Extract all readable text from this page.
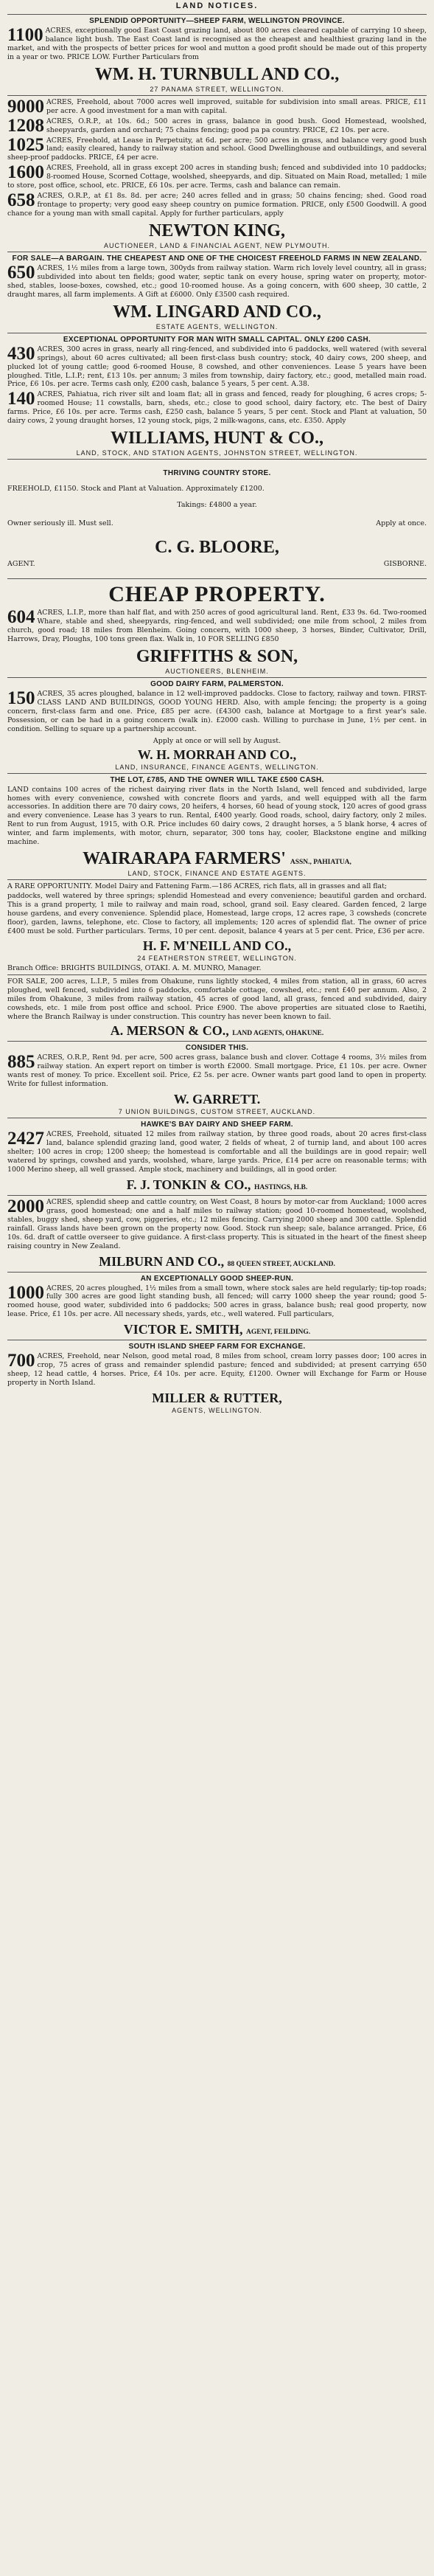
LAND NOTICES.
SPLENDID OPPORTUNITY—SHEEP FARM, WELLINGTON PROVINCE.
1100 ACRES, exceptionally good East Coast grazing land, about 800 acres cleared capable of carrying 10 sheep, balance light bush. The East Coast land is recognised as the cheapest and healthiest grazing land in the market, and with the prospects of better prices for wool and mutton a good profit should be made out of this property in a year or two. PRICE LOW. Further Particulars from
WM. H. TURNBULL AND CO.,
27 PANAMA STREET, WELLINGTON.
9000 ACRES, Freehold, about 7000 acres well improved, suitable for subdivision into small areas. PRICE, £11 per acre. A good investment for a man with capital.
1208 ACRES, O.R.P., at 10s. 6d.; 500 acres in grass, balance in good bush. Good Homestead, woolshed, sheepyards, garden and orchard; 75 chains fencing; good pa pa country. PRICE, £2 10s. per acre.
1025 ACRES, Freehold, at Lease in Perpetuity, at 6d. per acre; 500 acres in grass, and balance very good bush land; easily cleared, handy to railway station and school. Good Dwellinghouse and outbuildings, and several sheep-proof paddocks. PRICE, £4 per acre.
1600 ACRES, Freehold, all in grass except 200 acres in standing bush; fenced and subdivided into 10 paddocks; 8-roomed House, Scorned Cottage, woolshed, sheepyards, and dip. Situated on Main Road, metalled; 1 mile to store, post office, school, etc. PRICE, £6 10s. per acre. Terms, cash and balance can remain.
658 ACRES, O.R.P., at £1 8s. 8d. per acre; 240 acres felled and in grass; 50 chains fencing; shed. Good road frontage to property; very good easy sheep country on pumice formation. PRICE, only £500 Goodwill. A good chance for a young man with small capital. Apply for further particulars, apply
NEWTON KING,
AUCTIONEER, LAND & FINANCIAL AGENT, NEW PLYMOUTH.
FOR SALE—A BARGAIN. THE CHEAPEST AND ONE OF THE CHOICEST FREEHOLD FARMS IN NEW ZEALAND.
650 ACRES, 1½ miles from a large town, 300yds from railway station. Warm rich lovely level country, all in grass; subdivided into about ten fields; good water, septic tank on every house, spring water on property, motor-shed, stables, loose-boxes, cowshed, etc.; good 10-roomed house. As a going concern, with 600 sheep, 30 cattle, 2 draught mares, all farm implements. A Gift at £6000. Only £3500 cash required.
WM. LINGARD AND CO.,
ESTATE AGENTS, WELLINGTON.
EXCEPTIONAL OPPORTUNITY FOR MAN WITH SMALL CAPITAL. ONLY £200 CASH.
430 ACRES, 300 acres in grass, nearly all ring-fenced, and subdivided into 6 paddocks, well watered (with several springs), about 60 acres cultivated; all been first-class bush country; stock, 40 dairy cows, 200 sheep, and plucked lot of young cattle; good 6-roomed House, 8 cowshed, and other conveniences. Lease 5 years have been ploughed. Title, L.I.P.; rent, £13 10s. per annum; 3 miles from township, dairy factory, etc.; good, metalled main road. Price, £6 10s. per acre. Terms cash only, £200 cash, balance 5 years, 5 per cent. A.38.
140 ACRES, Pahiatua, rich river silt and loam flat; all in grass and fenced, ready for ploughing, 6 acres crops; 5-roomed House; 11 cowstalls, barn, sheds, etc.; close to good school, dairy factory, etc. The best of Dairy farms. Price, £6 10s. per acre. Terms cash, £250 cash, balance 5 years, 5 per cent. Stock and Plant at valuation, 50 dairy cows, 2 young draught horses, 12 young stock, pigs, 2 milk-wagons, cans, etc. £350. Apply
WILLIAMS, HUNT & CO.,
LAND, STOCK, AND STATION AGENTS, JOHNSTON STREET, WELLINGTON.
THRIVING COUNTRY STORE.
FREEHOLD, £1150. Stock and Plant at Valuation. Approximately £1200.
Takings: £4800 a year.
Owner seriously ill. Must sell.	Apply at once.
C. G. BLOORE,
AGENT.	GISBORNE.
CHEAP PROPERTY.
604 ACRES, L.I.P., more than half flat, and with 250 acres of good agricultural land. Rent, £33 9s. 6d. Two-roomed Whare, stable and shed, sheepyards, ring-fenced, and well subdivided; one mile from school, 2 miles from church, good road; 18 miles from Blenheim. Going concern, with 1000 sheep, 3 horses, Binder, Cultivator, Drill, Harrows, Dray, Ploughs, 100 tons green flax. Walk in, 10 FOR SELLING £850
GRIFFITHS & SON,
AUCTIONEERS, BLENHEIM.
GOOD DAIRY FARM, PALMERSTON.
150 ACRES, 35 acres ploughed, balance in 12 well-improved paddocks. Close to factory, railway and town. FIRST-CLASS LAND AND BUILDINGS, GOOD YOUNG HERD. Also, with ample fencing; the property is a going concern, first-class farm and one. Price, £85 per acre. (£4300 cash, balance at Mortgage to a first year's sale. Possession, or can be had in a going concern (walk in). £2000 cash. Willing to purchase in June, 1½ per cent. in condition. Selling to square up a partnership account.
Apply at once or will sell by August.
W. H. MORRAH AND CO.,
LAND, INSURANCE, FINANCE AGENTS, WELLINGTON.
THE LOT, £785, AND THE OWNER WILL TAKE £500 CASH.
LAND contains 100 acres of the richest dairying river flats in the North Island, well fenced and subdivided, large homes with every convenience, cowshed with concrete floors and yards, and well equipped with all the farm accessories. In addition there are 70 dairy cows, 20 heifers, 4 horses, 60 head of young stock, 120 acres of good grass and every convenience. Lease has 3 years to run. Rental, £400 yearly. Good roads, school, dairy factory, only 2 miles. Rent to run from August, 1915, with O.R. Price includes 60 dairy cows, 2 draught horses, a 5 blank horse, 4 acres of winter, and farm implements, with motor, churn, separator, 300 tons hay, cooler, Blackstone engine and milking machine.
WAIRARAPA FARMERS' ASSN., PAHIATUA,
LAND, STOCK, FINANCE AND ESTATE AGENTS.
A RARE OPPORTUNITY. Model Dairy and Fattening Farm.—186 ACRES, rich flats, all in grasses and all flat;
paddocks, well watered by three springs; splendid Homestead and every convenience; beautiful garden and orchard. This is a grand property, 1 mile to railway and main road, school, grand soil. Easy cleared. Garden fenced, 2 large house gardens, and every convenience. Splendid place, Homestead, large crops, 12 acres rape, 3 cowsheds (concrete floor), garden, lawns, telephone, etc. Close to factory, all implements; 120 acres of splendid flat. The owner of price £400 must be sold. Further particulars. Terms, 10 per cent. deposit, balance 4 years at 5 per cent. Price, £36 per acre.
H. F. M'NEILL AND CO.,
24 FEATHERSTON STREET, WELLINGTON.
Branch Office: BRIGHTS BUILDINGS, OTAKI. A. M. MUNRO, Manager.
FOR SALE, 200 acres, L.I.P., 5 miles from Ohakune, runs lightly stocked, 4 miles from station, all in grass, 60 acres ploughed, well fenced, subdivided into 6 paddocks, comfortable cottage, cowshed, etc.; rent £40 per annum. Also, 2 miles from Ohakune, 3 miles from railway station, 45 acres of good land, all grass, fenced and subdivided, dairy cowsheds, etc. 1 mile from post office and school. Price £900. The above properties are situated close to Raetihi, where the Branch Railway is under construction. This country has never been known to fail.
A. MERSON & CO., LAND AGENTS, OHAKUNE.
CONSIDER THIS.
885 ACRES, O.R.P., Rent 9d. per acre, 500 acres grass, balance bush and clover. Cottage 4 rooms, 3½ miles from railway station. An expert report on timber is worth £2000. Small mortgage. Price, £1 10s. per acre. Owner wants rest of money. To price. Excellent soil. Price, £2 5s. per acre. Owner wants part good land to open in property. Write for fullest information.
W. GARRETT.
7 UNION BUILDINGS, CUSTOM STREET, AUCKLAND.
HAWKE'S BAY DAIRY AND SHEEP FARM.
2427 ACRES, Freehold, situated 12 miles from railway station, by three good roads, about 20 acres first-class land, balance splendid grazing land, good water, 2 fields of wheat, 2 of turnip land, and about 100 acres shelter; 100 acres in crop; 1200 sheep; the homestead is comfortable and all the buildings are in good repair; well watered by springs, cowshed and yards, woolshed, whare, large yards. Price, £14 per acre on reasonable terms; with 1000 Merino sheep, all well grassed. Ample stock, machinery and buildings, all in good order.
F. J. TONKIN & CO., HASTINGS, H.B.
2000 ACRES, splendid sheep and cattle country, on West Coast, 8 hours by motor-car from Auckland; 1000 acres grass, good homestead; one and a half miles to railway station; good 10-roomed homestead, woolshed, stables, buggy shed, sheep yard, cow, piggeries, etc.; 12 miles fencing. Carrying 2000 sheep and 300 cattle. Splendid rainfall. Grass lands have been grown on the property now. Good. Stock run sheep; sale, balance arranged. Price, £6 10s. 6d. draft of cattle overseer to give guidance. A first-class property. This is situated in the heart of the finest sheep raising country in New Zealand.
MILBURN AND CO., 88 QUEEN STREET, AUCKLAND.
AN EXCEPTIONALLY GOOD SHEEP-RUN.
1000 ACRES, 20 acres ploughed, 1½ miles from a small town, where stock sales are held regularly; tip-top roads; fully 300 acres are good light standing bush, all fenced; will carry 1000 sheep the year round; good 5-roomed house, good water, subdivided into 6 paddocks; 500 acres in grass, balance bush; real good property, now lease. Price, £1 10s. per acre. All necessary sheds, yards, etc., well watered. Full particulars,
VICTOR E. SMITH, AGENT, FEILDING.
SOUTH ISLAND SHEEP FARM FOR EXCHANGE.
700 ACRES, Freehold, near Nelson, good metal road, 8 miles from school, cream lorry passes door; 100 acres in crop, 75 acres of grass and remainder splendid pasture; fenced and subdivided; at present carrying 650 sheep, 12 head cattle, 4 horses. Price, £4 10s. per acre. Equity, £1200. Owner will Exchange for Farm or House property in North Island.
MILLER & RUTTER,
AGENTS, WELLINGTON.
